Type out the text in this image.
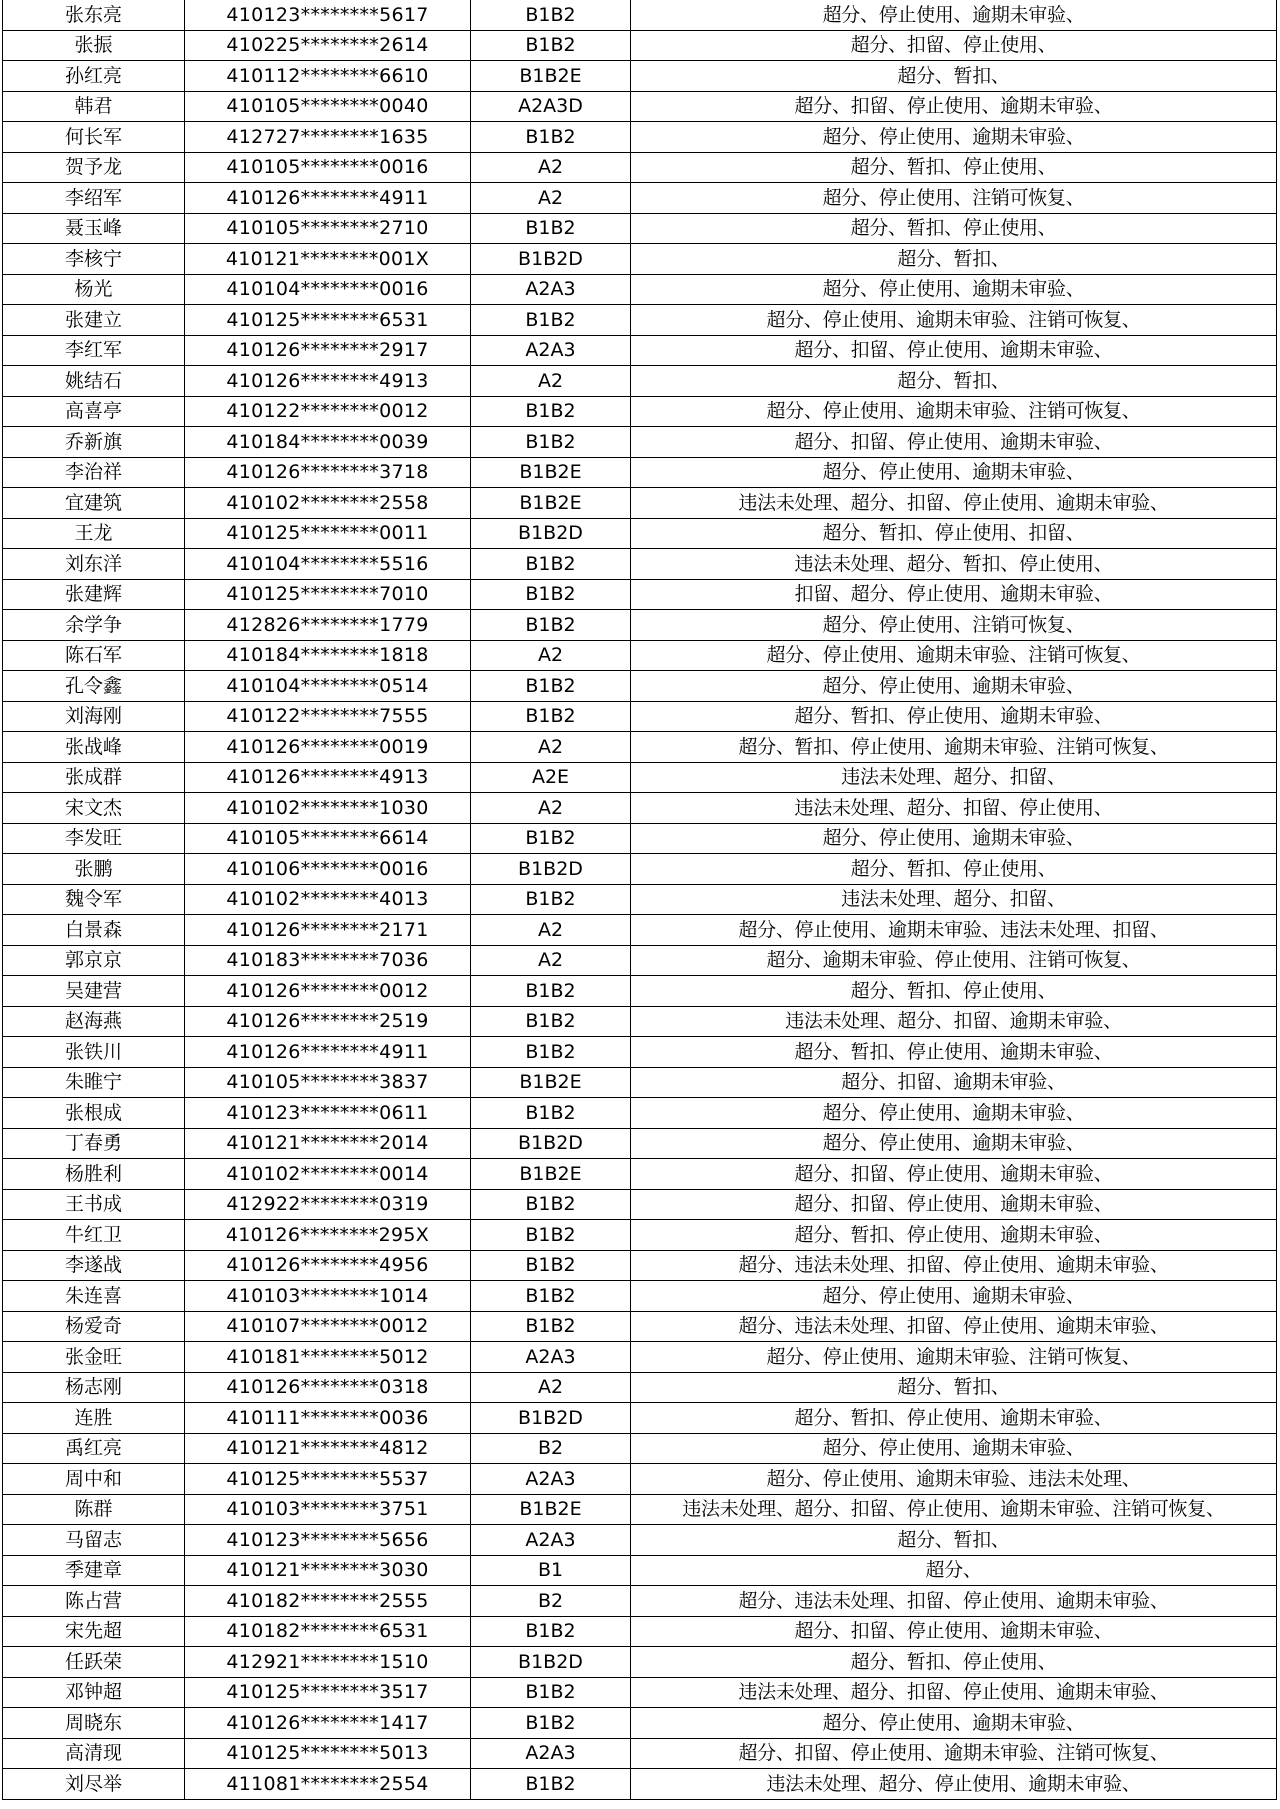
张东亮	410123********5617	B1B2	超分、停止使用、逾期未审验、
张振	410225********2614	B1B2	超分、扣留、停止使用、
孙红亮	410112********6610	B1B2E	超分、暂扣、
韩君	410105********0040	A2A3D	超分、扣留、停止使用、逾期未审验、
何长军	412727********1635	B1B2	超分、停止使用、逾期未审验、
贺予龙	410105********0016	A2	超分、暂扣、停止使用、
李绍军	410126********4911	A2	超分、停止使用、注销可恢复、
聂玉峰	410105********2710	B1B2	超分、暂扣、停止使用、
李核宁	410121********001X	B1B2D	超分、暂扣、
杨光	410104********0016	A2A3	超分、停止使用、逾期未审验、
张建立	410125********6531	B1B2	超分、停止使用、逾期未审验、注销可恢复、
李红军	410126********2917	A2A3	超分、扣留、停止使用、逾期未审验、
姚结石	410126********4913	A2	超分、暂扣、
高喜亭	410122********0012	B1B2	超分、停止使用、逾期未审验、注销可恢复、
乔新旗	410184********0039	B1B2	超分、扣留、停止使用、逾期未审验、
李治祥	410126********3718	B1B2E	超分、停止使用、逾期未审验、
宜建筑	410102********2558	B1B2E	违法未处理、超分、扣留、停止使用、逾期未审验、
王龙	410125********0011	B1B2D	超分、暂扣、停止使用、扣留、
刘东洋	410104********5516	B1B2	违法未处理、超分、暂扣、停止使用、
张建辉	410125********7010	B1B2	扣留、超分、停止使用、逾期未审验、
余学争	412826********1779	B1B2	超分、停止使用、注销可恢复、
陈石军	410184********1818	A2	超分、停止使用、逾期未审验、注销可恢复、
孔令鑫	410104********0514	B1B2	超分、停止使用、逾期未审验、
刘海刚	410122********7555	B1B2	超分、暂扣、停止使用、逾期未审验、
张战峰	410126********0019	A2	超分、暂扣、停止使用、逾期未审验、注销可恢复、
张成群	410126********4913	A2E	违法未处理、超分、扣留、
宋文杰	410102********1030	A2	违法未处理、超分、扣留、停止使用、
李发旺	410105********6614	B1B2	超分、停止使用、逾期未审验、
张鹏	410106********0016	B1B2D	超分、暂扣、停止使用、
魏令军	410102********4013	B1B2	违法未处理、超分、扣留、
白景森	410126********2171	A2	超分、停止使用、逾期未审验、违法未处理、扣留、
郭京京	410183********7036	A2	超分、逾期未审验、停止使用、注销可恢复、
吴建营	410126********0012	B1B2	超分、暂扣、停止使用、
赵海燕	410126********2519	B1B2	违法未处理、超分、扣留、逾期未审验、
张铁川	410126********4911	B1B2	超分、暂扣、停止使用、逾期未审验、
朱睢宁	410105********3837	B1B2E	超分、扣留、逾期未审验、
张根成	410123********0611	B1B2	超分、停止使用、逾期未审验、
丁春勇	410121********2014	B1B2D	超分、停止使用、逾期未审验、
杨胜利	410102********0014	B1B2E	超分、扣留、停止使用、逾期未审验、
王书成	412922********0319	B1B2	超分、扣留、停止使用、逾期未审验、
牛红卫	410126********295X	B1B2	超分、暂扣、停止使用、逾期未审验、
李遂战	410126********4956	B1B2	超分、违法未处理、扣留、停止使用、逾期未审验、
朱连喜	410103********1014	B1B2	超分、停止使用、逾期未审验、
杨爱奇	410107********0012	B1B2	超分、违法未处理、扣留、停止使用、逾期未审验、
张金旺	410181********5012	A2A3	超分、停止使用、逾期未审验、注销可恢复、
杨志刚	410126********0318	A2	超分、暂扣、
连胜	410111********0036	B1B2D	超分、暂扣、停止使用、逾期未审验、
禹红亮	410121********4812	B2	超分、停止使用、逾期未审验、
周中和	410125********5537	A2A3	超分、停止使用、逾期未审验、违法未处理、
陈群	410103********3751	B1B2E	违法未处理、超分、扣留、停止使用、逾期未审验、注销可恢复、
马留志	410123********5656	A2A3	超分、暂扣、
季建章	410121********3030	B1	超分、
陈占营	410182********2555	B2	超分、违法未处理、扣留、停止使用、逾期未审验、
宋先超	410182********6531	B1B2	超分、扣留、停止使用、逾期未审验、
任跃荣	412921********1510	B1B2D	超分、暂扣、停止使用、
邓钟超	410125********3517	B1B2	违法未处理、超分、扣留、停止使用、逾期未审验、
周晓东	410126********1417	B1B2	超分、停止使用、逾期未审验、
高清现	410125********5013	A2A3	超分、扣留、停止使用、逾期未审验、注销可恢复、
刘尽举	411081********2554	B1B2	违法未处理、超分、停止使用、逾期未审验、
